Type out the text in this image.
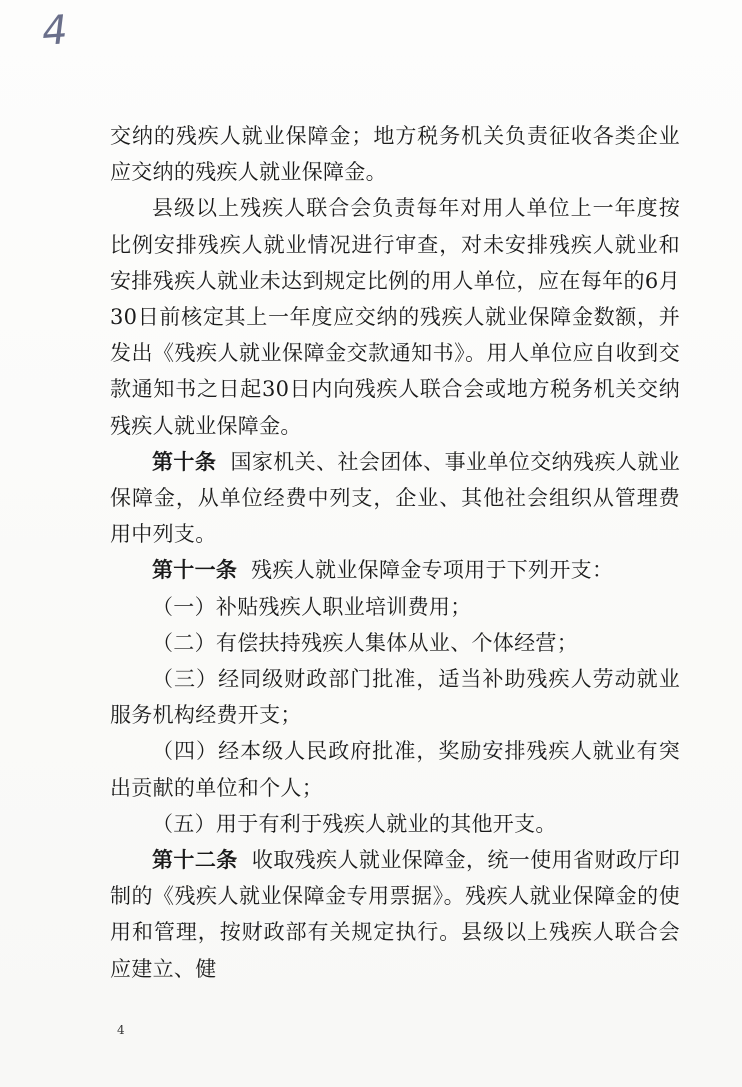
4

交纳的残疾人就业保障金；地方税务机关负责征收各类企业应交纳的残疾人就业保障金。

县级以上残疾人联合会负责每年对用人单位上一年度按比例安排残疾人就业情况进行审查，对未安排残疾人就业和安排残疾人就业未达到规定比例的用人单位，应在每年的6月30日前核定其上一年度应交纳的残疾人就业保障金数额，并发出《残疾人就业保障金交款通知书》。用人单位应自收到交款通知书之日起30日内向残疾人联合会或地方税务机关交纳残疾人就业保障金。

第十条 国家机关、社会团体、事业单位交纳残疾人就业保障金，从单位经费中列支，企业、其他社会组织从管理费用中列支。

第十一条 残疾人就业保障金专项用于下列开支：

（一）补贴残疾人职业培训费用；

（二）有偿扶持残疾人集体从业、个体经营；

（三）经同级财政部门批准，适当补助残疾人劳动就业服务机构经费开支；

（四）经本级人民政府批准，奖励安排残疾人就业有突出贡献的单位和个人；

（五）用于有利于残疾人就业的其他开支。

第十二条 收取残疾人就业保障金，统一使用省财政厅印制的《残疾人就业保障金专用票据》。残疾人就业保障金的使用和管理，按财政部有关规定执行。县级以上残疾人联合会应建立、健

4
